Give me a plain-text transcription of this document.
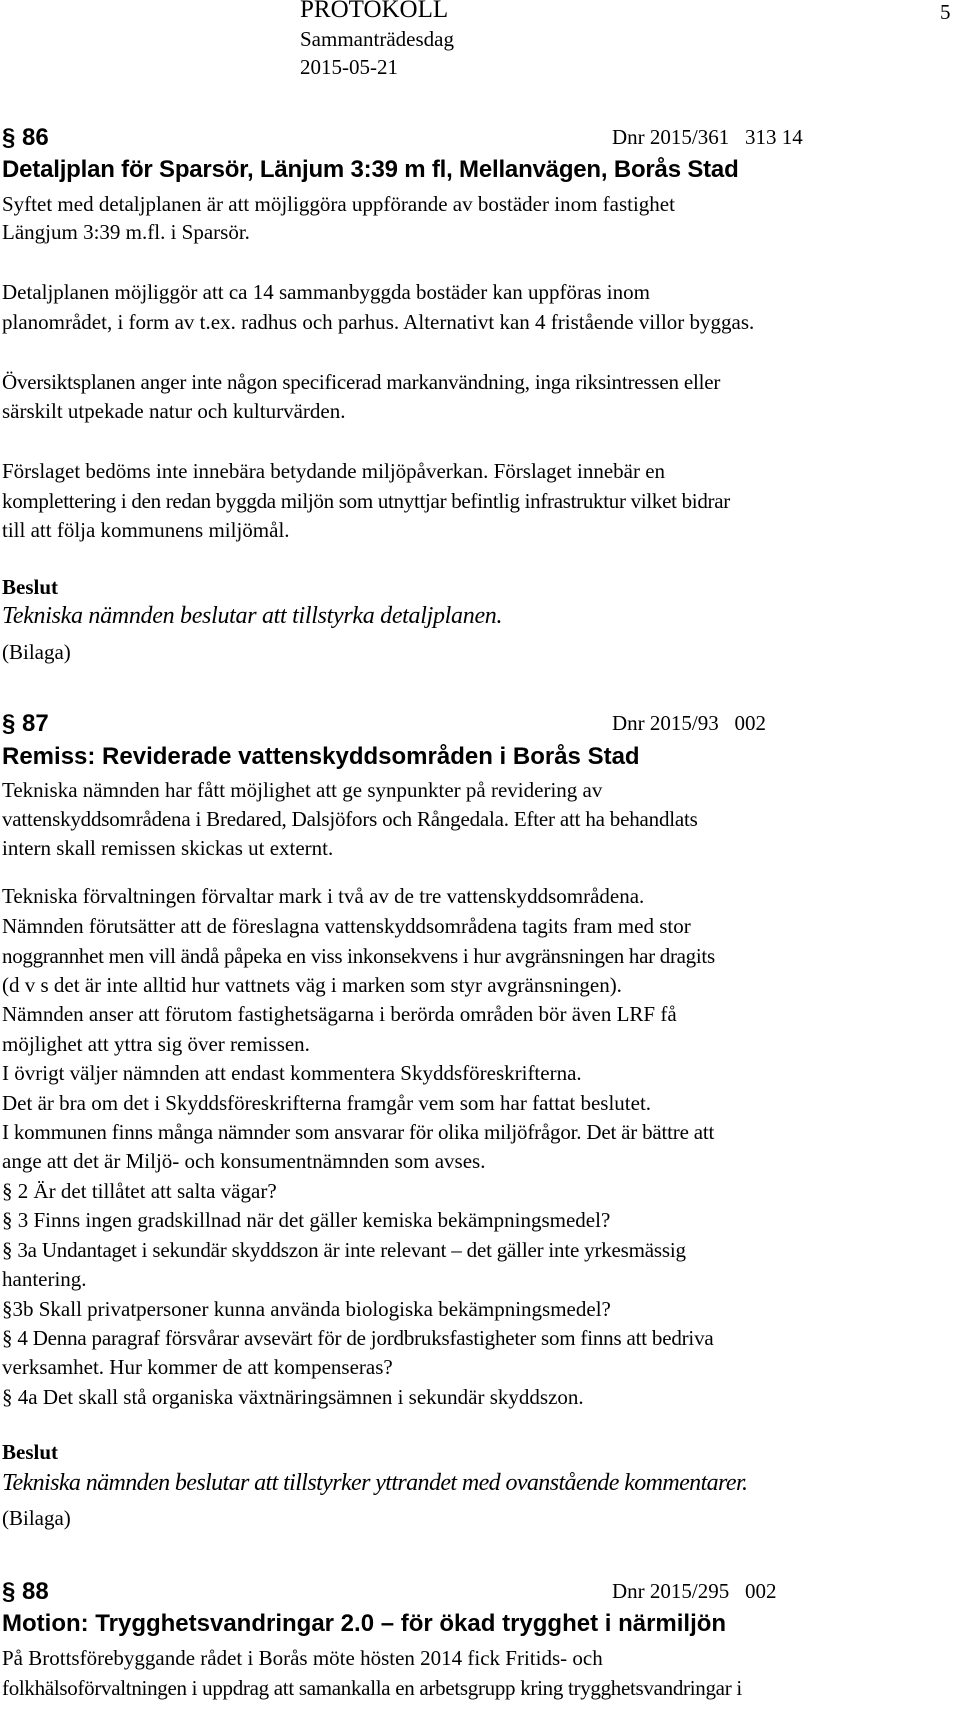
PROTOKOLL
Sammanträdesdag
2015-05-21
5
§ 86	Dnr 2015/361   313 14
Detaljplan för Sparsör, Länjum 3:39 m fl, Mellanvägen, Borås Stad
Syftet med detaljplanen är att möjliggöra uppförande av bostäder inom fastighet
Längjum 3:39 m.fl. i Sparsör.
Detaljplanen möjliggör att ca 14 sammanbyggda bostäder kan uppföras inom
planområdet, i form av t.ex. radhus och parhus. Alternativt kan 4 fristående villor byggas.
Översiktsplanen anger inte någon specificerad markanvändning, inga riksintressen eller
särskilt utpekade natur och kulturvärden.
Förslaget bedöms inte innebära betydande miljöpåverkan. Förslaget innebär en
komplettering i den redan byggda miljön som utnyttjar befintlig infrastruktur vilket bidrar
till att följa kommunens miljömål.
Beslut
Tekniska nämnden beslutar att tillstyrka detaljplanen.
(Bilaga)
§ 87	Dnr 2015/93   002
Remiss: Reviderade vattenskyddsområden i Borås Stad
Tekniska nämnden har fått möjlighet att ge synpunkter på revidering av
vattenskyddsområdena i Bredared, Dalsjöfors och Rångedala. Efter att ha behandlats
intern skall remissen skickas ut externt.
Tekniska förvaltningen förvaltar mark i två av de tre vattenskyddsområdena.
Nämnden förutsätter att de föreslagna vattenskyddsområdena tagits fram med stor
noggrannhet men vill ändå påpeka en viss inkonsekvens i hur avgränsningen har dragits
(d v s det är inte alltid hur vattnets väg i marken som styr avgränsningen).
Nämnden anser att förutom fastighetsägarna i berörda områden bör även LRF få
möjlighet att yttra sig över remissen.
I övrigt väljer nämnden att endast kommentera Skyddsföreskrifterna.
Det är bra om det i Skyddsföreskrifterna framgår vem som har fattat beslutet.
I kommunen finns många nämnder som ansvarar för olika miljöfrågor. Det är bättre att
ange att det är Miljö- och konsumentnämnden som avses.
§ 2 Är det tillåtet att salta vägar?
§ 3 Finns ingen gradskillnad när det gäller kemiska bekämpningsmedel?
§ 3a Undantaget i sekundär skyddszon är inte relevant – det gäller inte yrkesmässig
hantering.
§3b Skall privatpersoner kunna använda biologiska bekämpningsmedel?
§ 4 Denna paragraf försvårar avsevärt för de jordbruksfastigheter som finns att bedriva
verksamhet. Hur kommer de att kompenseras?
§ 4a Det skall stå organiska växtnäringsämnen i sekundär skyddszon.
Beslut
Tekniska nämnden beslutar att tillstyrker yttrandet med ovanstående kommentarer.
(Bilaga)
§ 88	Dnr 2015/295   002
Motion: Trygghetsvandringar 2.0 – för ökad trygghet i närmiljön
På Brottsförebyggande rådet i Borås möte hösten 2014 fick Fritids- och
folkhälsoförvaltningen i uppdrag att samankalla en arbetsgrupp kring trygghetsvandringar i
